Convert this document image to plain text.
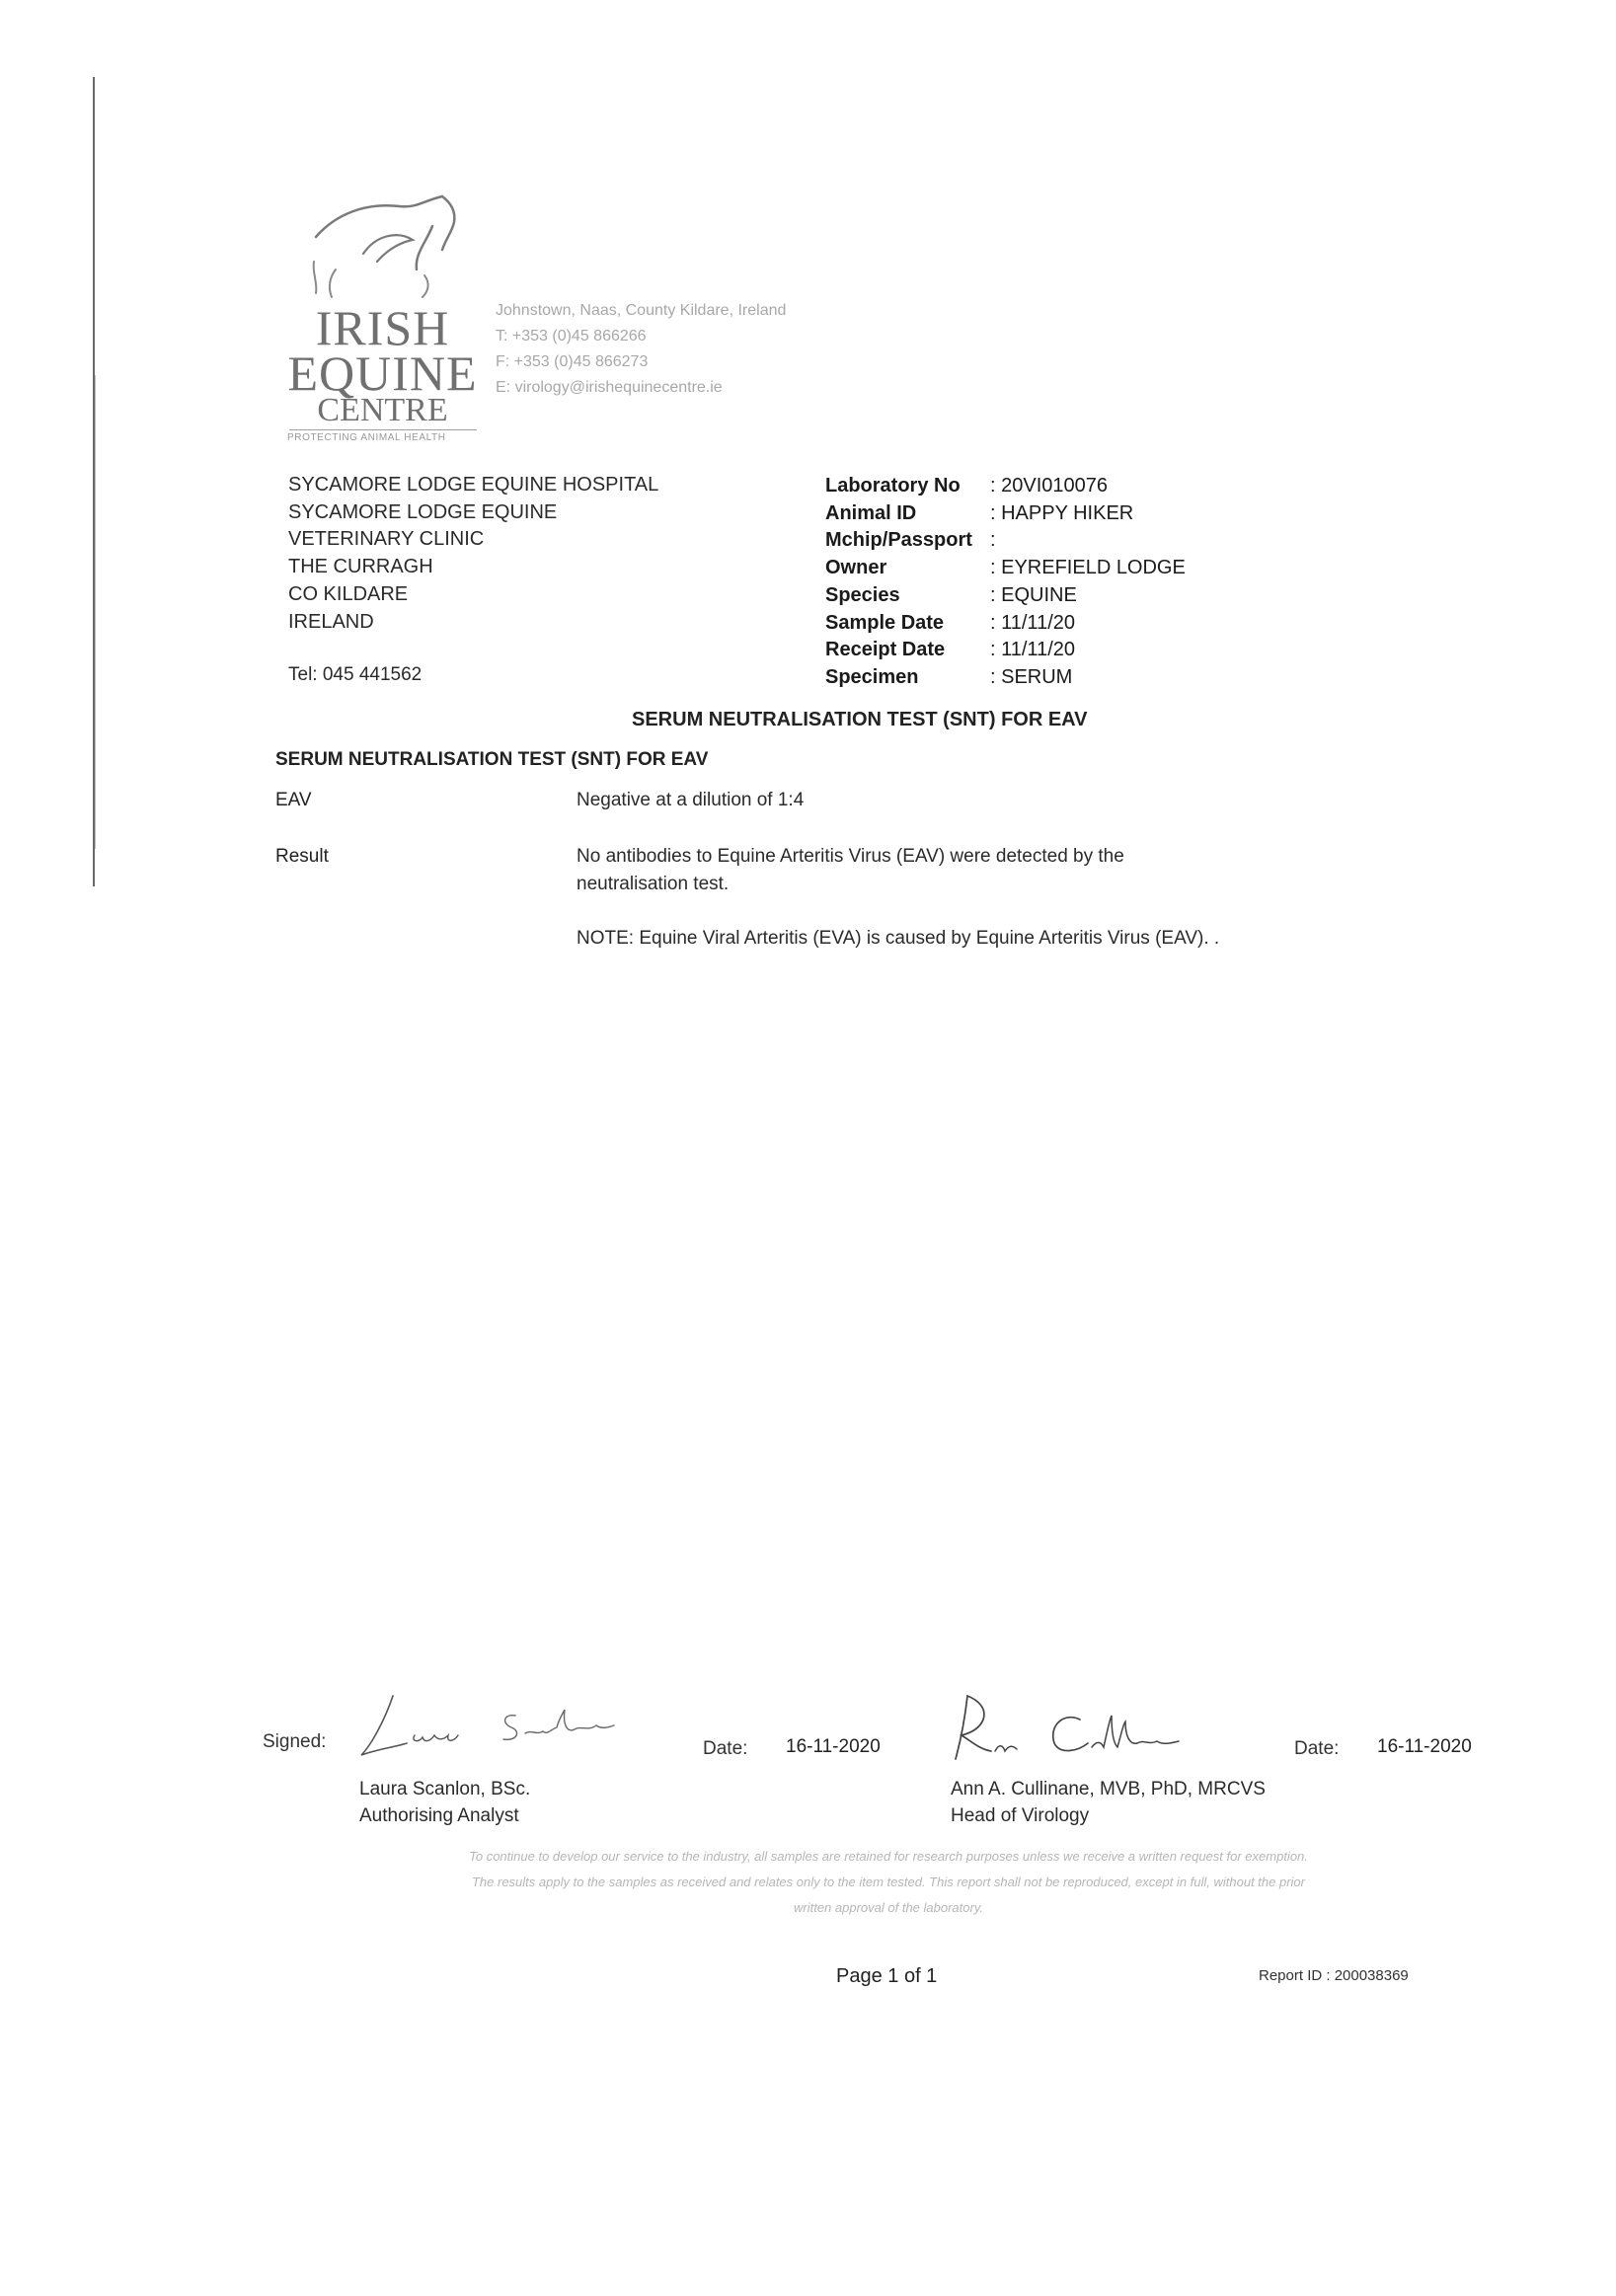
IRISH
EQUINE
CENTRE
PROTECTING ANIMAL HEALTH
Johnstown, Naas, County Kildare, Ireland
T: +353 (0)45 866266
F: +353 (0)45 866273
E: virology@irishequinecentre.ie
SYCAMORE LODGE EQUINE HOSPITAL
SYCAMORE LODGE EQUINE
VETERINARY CLINIC
THE CURRAGH
CO KILDARE
IRELAND
Tel: 045 441562
Laboratory No	: 20VI010076
Animal ID	: HAPPY HIKER
Mchip/Passport :
Owner	: EYREFIELD LODGE
Species	: EQUINE
Sample Date	: 11/11/20
Receipt Date	: 11/11/20
Specimen	: SERUM
SERUM NEUTRALISATION TEST (SNT) FOR EAV
SERUM NEUTRALISATION TEST (SNT) FOR EAV
EAV	Negative at a dilution of 1:4
Result	No antibodies to Equine Arteritis Virus (EAV) were detected by the neutralisation test.
NOTE: Equine Viral Arteritis (EVA) is caused by Equine Arteritis Virus (EAV). .
Signed:	Date: 16-11-2020	Date: 16-11-2020
Laura Scanlon, BSc.
Authorising Analyst
Ann A. Cullinane, MVB, PhD, MRCVS
Head of Virology
To continue to develop our service to the industry, all samples are retained for research purposes unless we receive a written request for exemption.
The results apply to the samples as received and relates only to the item tested. This report shall not be reproduced, except in full, without the prior
written approval of the laboratory.
Page 1 of 1	Report ID : 200038369
